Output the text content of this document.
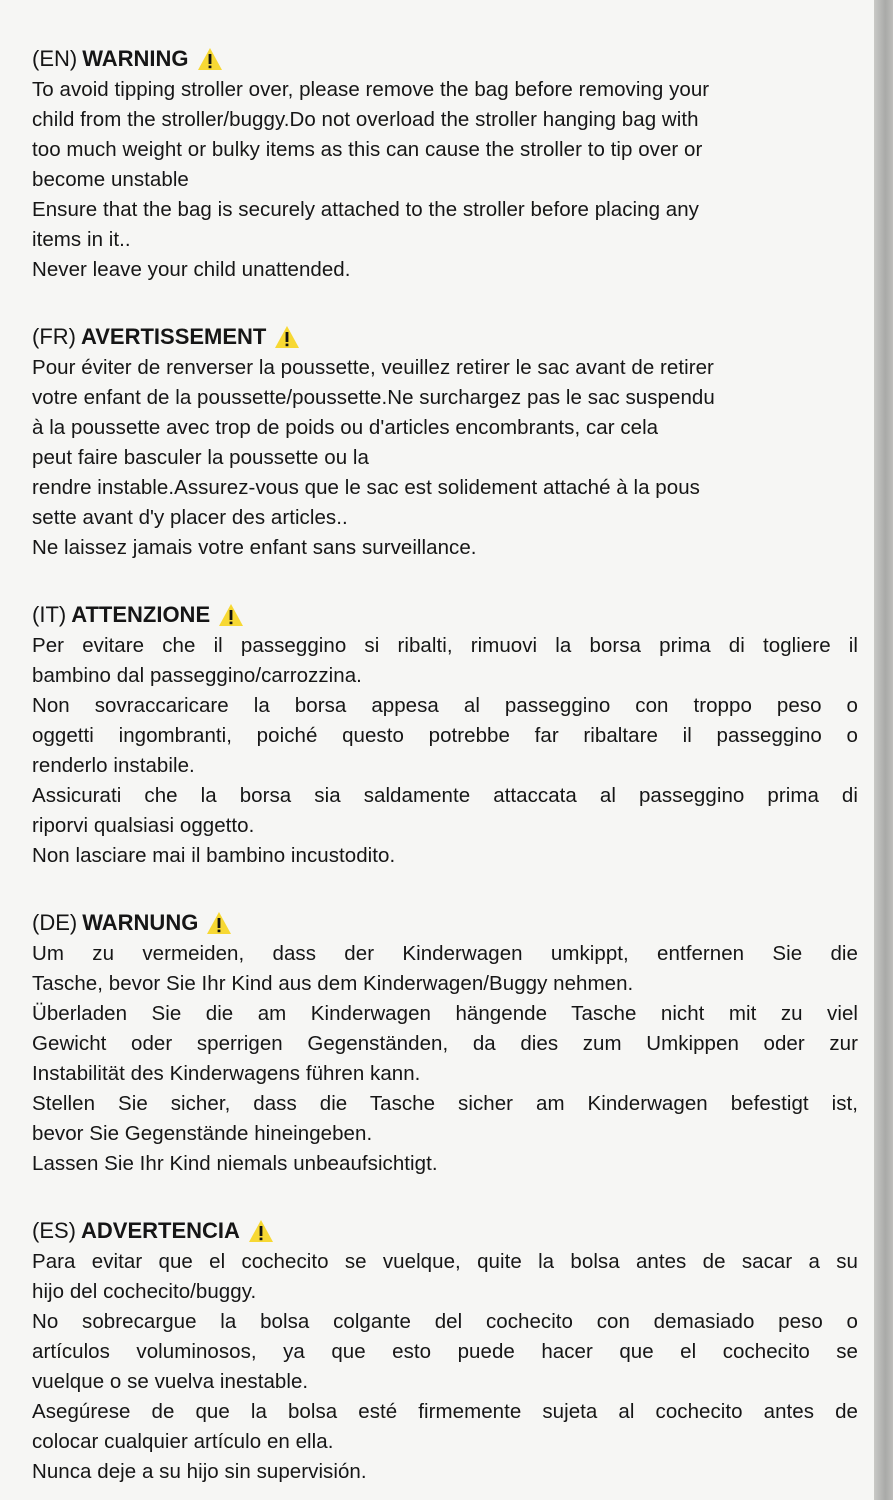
(EN) WARNING
To avoid tipping stroller over, please remove the bag before removing your
child from the stroller/buggy.Do not overload the stroller hanging bag with
too much weight or bulky items as this can cause the stroller to tip over or
become unstable
Ensure that the bag is securely attached to the stroller before placing any
items in it..
Never leave your child unattended.
(FR) AVERTISSEMENT
Pour éviter de renverser la poussette, veuillez retirer le sac avant de retirer
votre enfant de la poussette/poussette.Ne surchargez pas le sac suspendu
à la poussette avec trop de poids ou d'articles encombrants, car cela
peut faire basculer la poussette ou la
rendre instable.Assurez-vous que le sac est solidement attaché à la pous
sette avant d'y placer des articles..
Ne laissez jamais votre enfant sans surveillance.
(IT) ATTENZIONE
Per evitare che il passeggino si ribalti, rimuovi la borsa prima di togliere il
bambino dal passeggino/carrozzina.
Non sovraccaricare la borsa appesa al passeggino con troppo peso o
oggetti ingombranti, poiché questo potrebbe far ribaltare il passeggino o
renderlo instabile.
Assicurati che la borsa sia saldamente attaccata al passeggino prima di
riporvi qualsiasi oggetto.
Non lasciare mai il bambino incustodito.
(DE) WARNUNG
Um zu vermeiden, dass der Kinderwagen umkippt, entfernen Sie die
Tasche, bevor Sie Ihr Kind aus dem Kinderwagen/Buggy nehmen.
Überladen Sie die am Kinderwagen hängende Tasche nicht mit zu viel
Gewicht oder sperrigen Gegenständen, da dies zum Umkippen oder zur
Instabilität des Kinderwagens führen kann.
Stellen Sie sicher, dass die Tasche sicher am Kinderwagen befestigt ist,
bevor Sie Gegenstände hineingeben.
Lassen Sie Ihr Kind niemals unbeaufsichtigt.
(ES) ADVERTENCIA
Para evitar que el cochecito se vuelque, quite la bolsa antes de sacar a su
hijo del cochecito/buggy.
No sobrecargue la bolsa colgante del cochecito con demasiado peso o
artículos voluminosos, ya que esto puede hacer que el cochecito se
vuelque o se vuelva inestable.
Asegúrese de que la bolsa esté firmemente sujeta al cochecito antes de
colocar cualquier artículo en ella.
Nunca deje a su hijo sin supervisión.
